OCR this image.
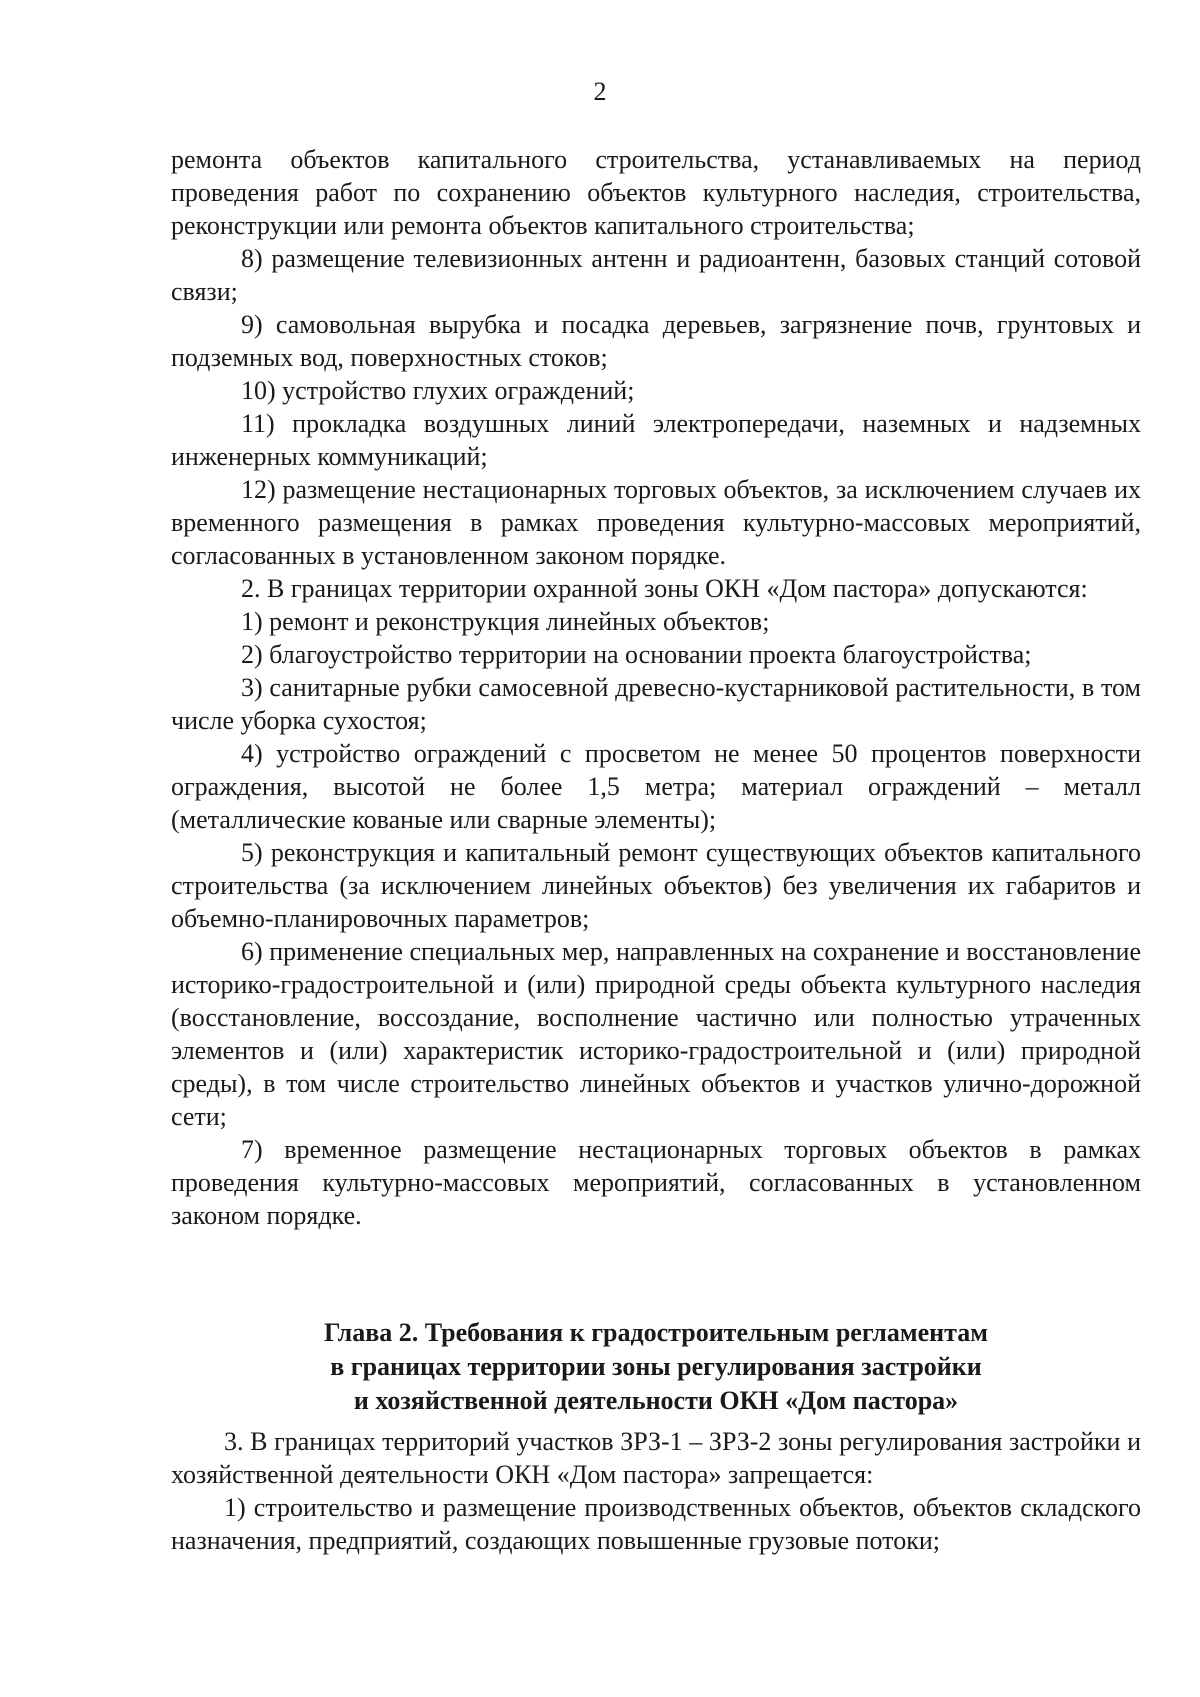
2

ремонта объектов капитального строительства, устанавливаемых на период проведения работ по сохранению объектов культурного наследия, строительства, реконструкции или ремонта объектов капитального строительства;

8) размещение телевизионных антенн и радиоантенн, базовых станций сотовой связи;

9) самовольная вырубка и посадка деревьев, загрязнение почв, грунтовых и подземных вод, поверхностных стоков;

10) устройство глухих ограждений;

11) прокладка воздушных линий электропередачи, наземных и надземных инженерных коммуникаций;

12) размещение нестационарных торговых объектов, за исключением случаев их временного размещения в рамках проведения культурно-массовых мероприятий, согласованных в установленном законом порядке.

2. В границах территории охранной зоны ОКН «Дом пастора» допускаются:

1) ремонт и реконструкция линейных объектов;

2) благоустройство территории на основании проекта благоустройства;

3) санитарные рубки самосевной древесно-кустарниковой растительности, в том числе уборка сухостоя;

4) устройство ограждений с просветом не менее 50 процентов поверхности ограждения, высотой не более 1,5 метра; материал ограждений – металл (металлические кованые или сварные элементы);

5) реконструкция и капитальный ремонт существующих объектов капитального строительства (за исключением линейных объектов) без увеличения их габаритов и объемно-планировочных параметров;

6) применение специальных мер, направленных на сохранение и восстановление историко-градостроительной и (или) природной среды объекта культурного наследия (восстановление, воссоздание, восполнение частично или полностью утраченных элементов и (или) характеристик историко-градостроительной и (или) природной среды), в том числе строительство линейных объектов и участков улично-дорожной сети;

7) временное размещение нестационарных торговых объектов в рамках проведения культурно-массовых мероприятий, согласованных в установленном законом порядке.

Глава 2. Требования к градостроительным регламентам
в границах территории зоны регулирования застройки
и хозяйственной деятельности ОКН «Дом пастора»

3. В границах территорий участков ЗРЗ-1 – ЗРЗ-2 зоны регулирования застройки и хозяйственной деятельности ОКН «Дом пастора» запрещается:

1) строительство и размещение производственных объектов, объектов складского назначения, предприятий, создающих повышенные грузовые потоки;
